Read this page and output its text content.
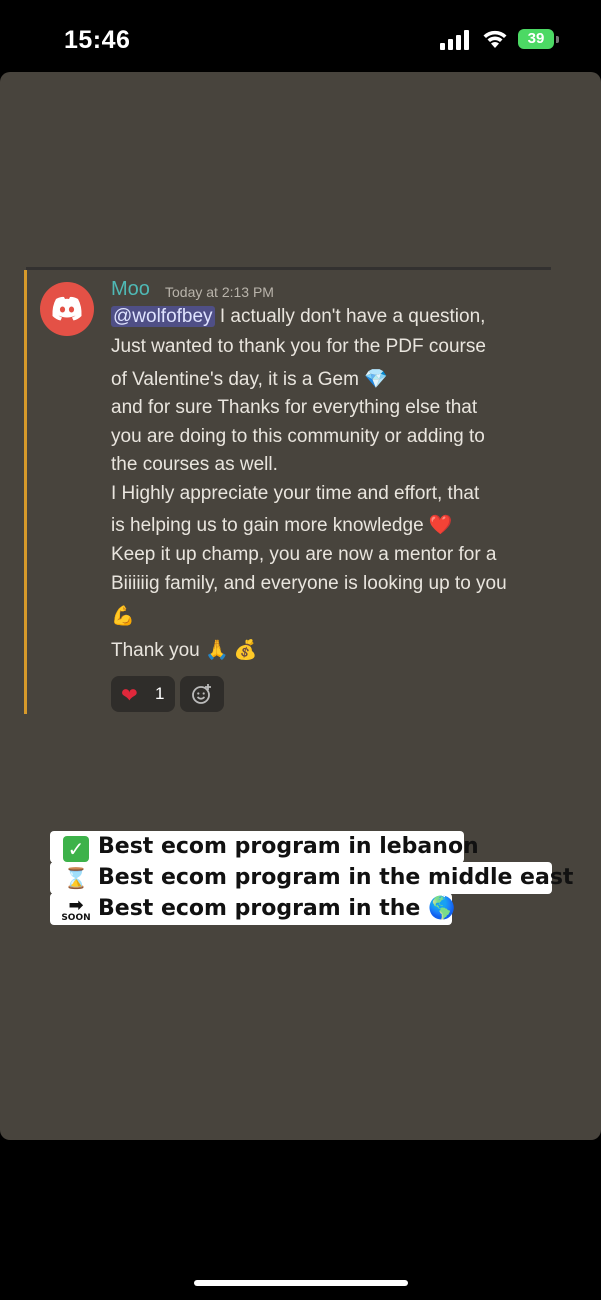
15:46	39
Moo Today at 2:13 PM
@wolfofbey I actually don't have a question,
Just wanted to thank you for the PDF course
of Valentine's day, it is a Gem 💎
and for sure Thanks for everything else that
you are doing to this community or adding to
the courses as well.
I Highly appreciate your time and effort, that
is helping us to gain more knowledge ❤️
Keep it up champ, you are now a mentor for a
Biiiiiig family, and everyone is looking up to you
💪
Thank you 🙏 💰
❤ 1
✓ Best ecom program in lebanon
⌛ Best ecom program in the middle east
➡
SOON Best ecom program in the 🌎
